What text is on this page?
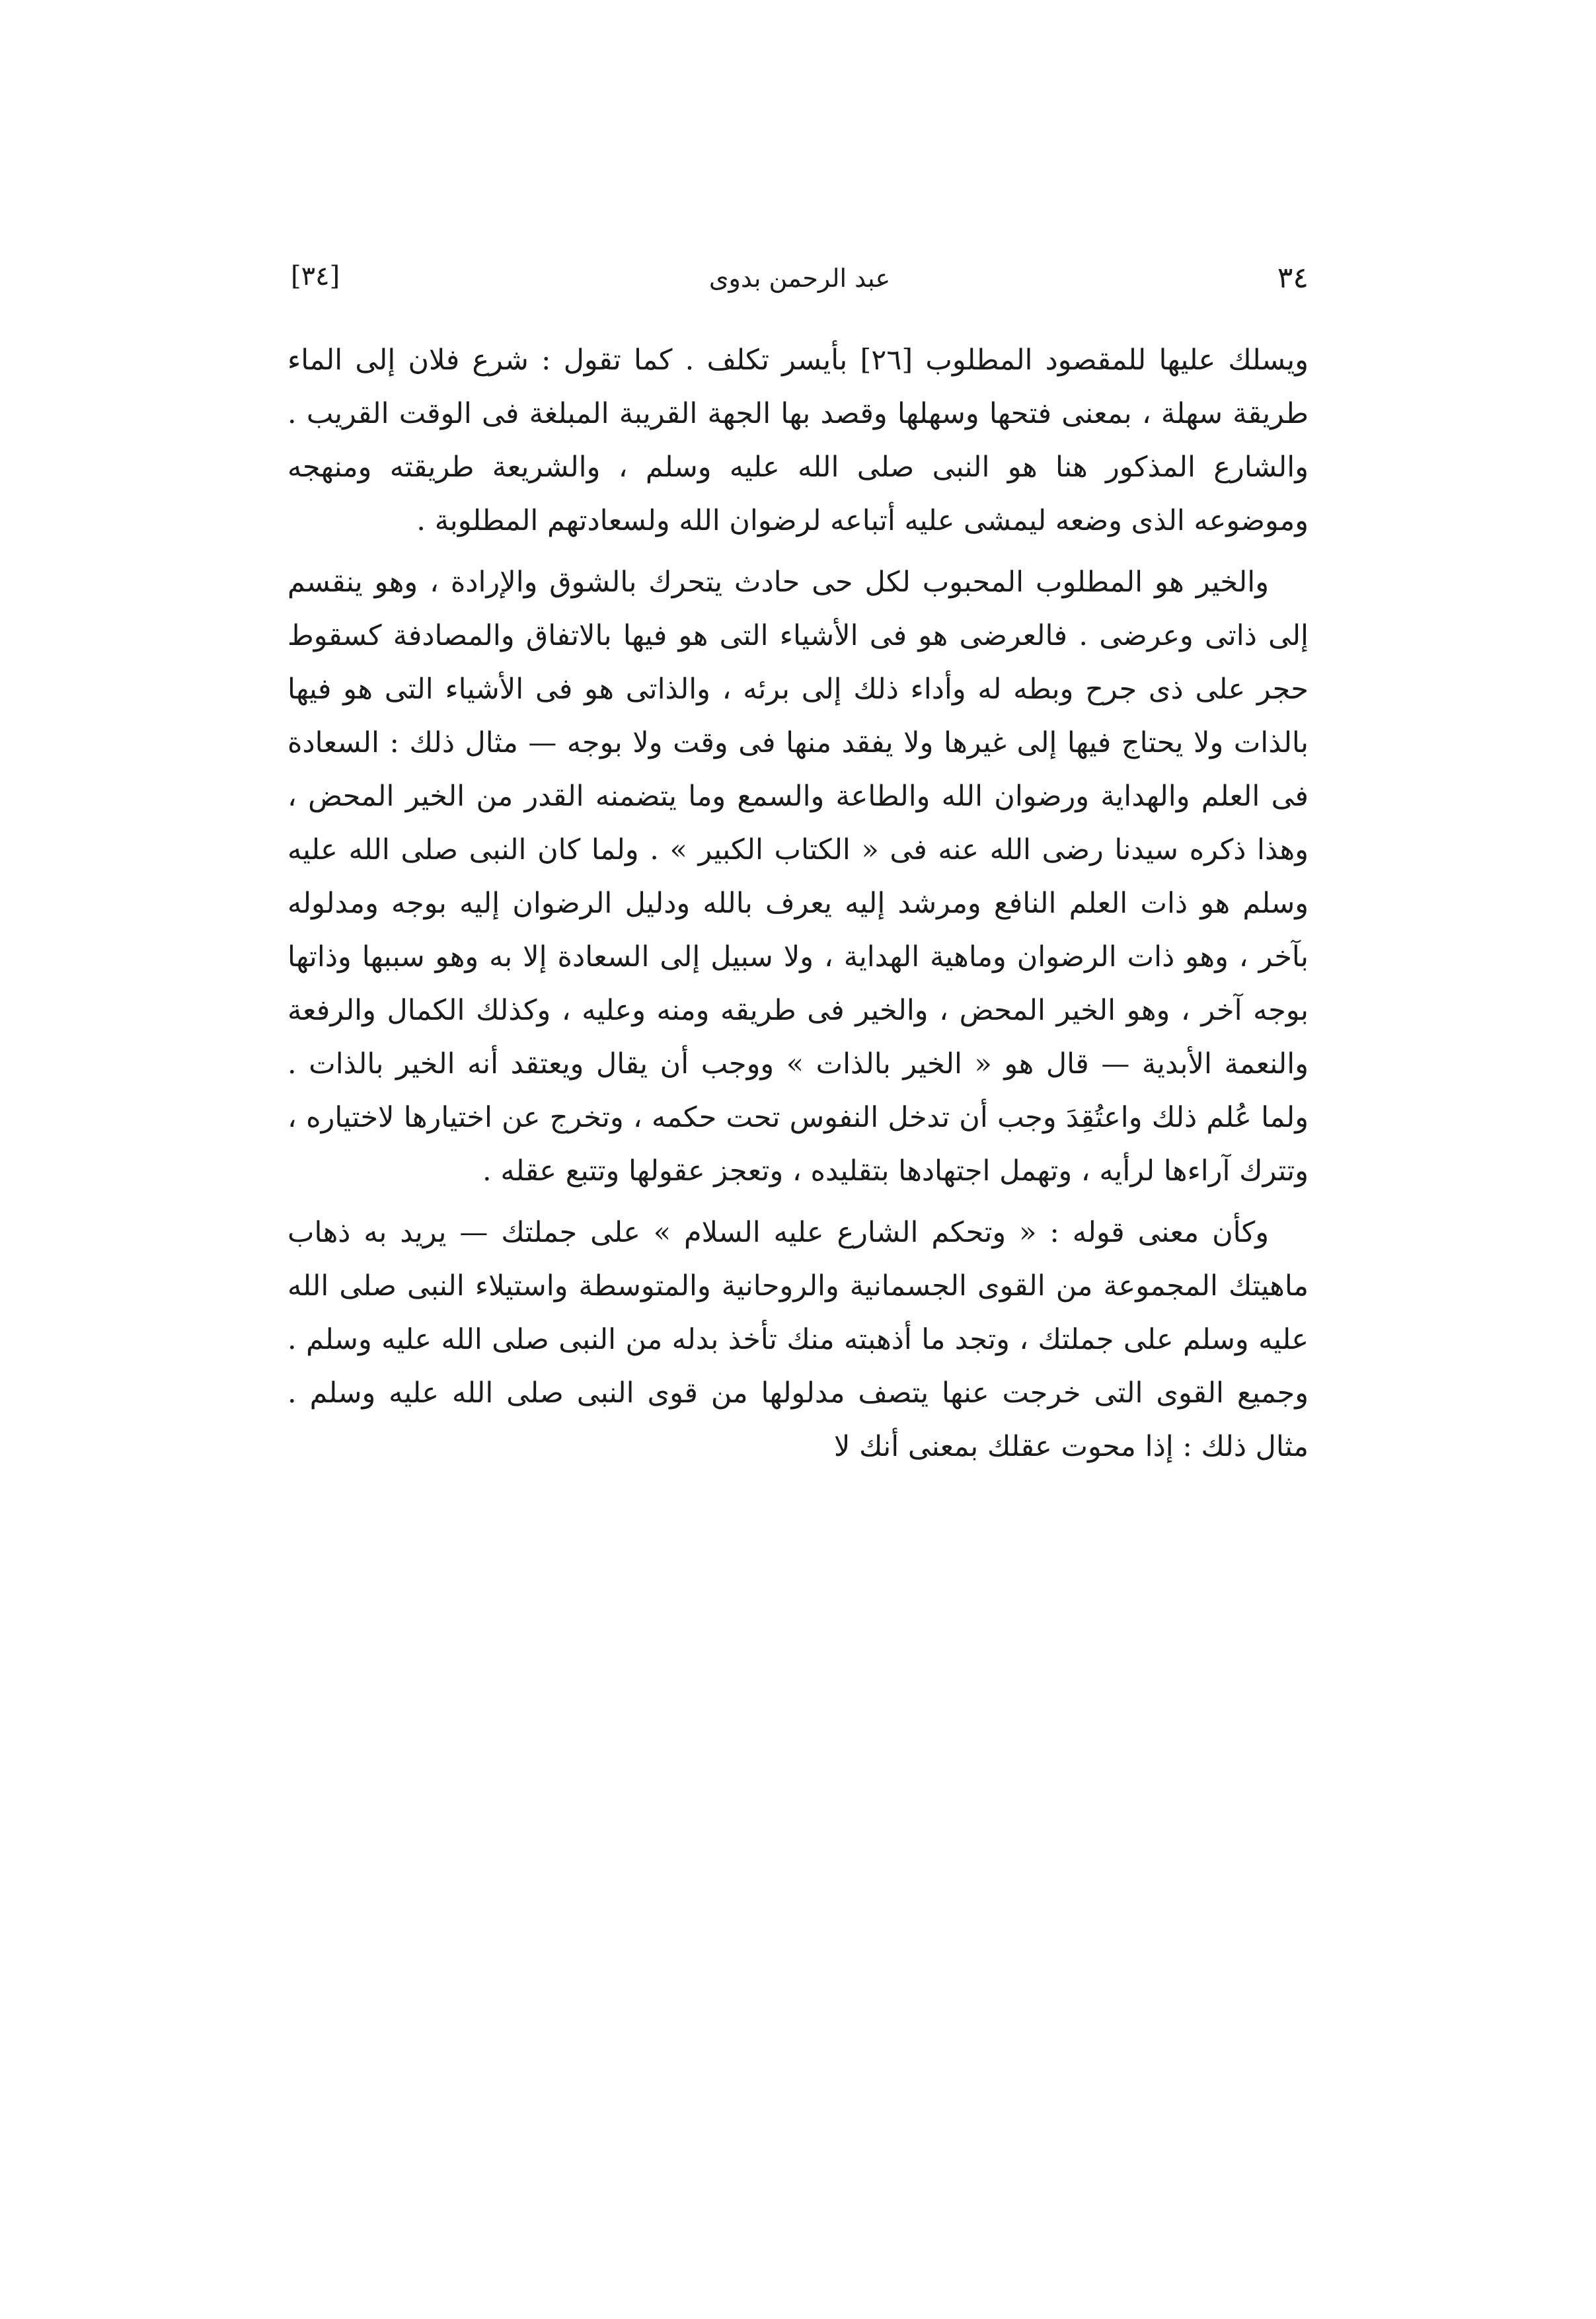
٣٤
عبد الرحمن بدوى
[٣٤]

ويسلك عليها للمقصود المطلوب [٢٦] بأيسر تكلف . كما تقول : شرع فلان إلى الماء طريقة سهلة ، بمعنى فتحها وسهلها وقصد بها الجهة القريبة المبلغة فى الوقت القريب . والشارع المذكور هنا هو النبى صلى الله عليه وسلم ، والشريعة طريقته ومنهجه وموضوعه الذى وضعه ليمشى عليه أتباعه لرضوان الله ولسعادتهم المطلوبة .

والخير هو المطلوب المحبوب لكل حى حادث يتحرك بالشوق والإرادة ، وهو ينقسم إلى ذاتى وعرضى . فالعرضى هو فى الأشياء التى هو فيها بالاتفاق والمصادفة كسقوط حجر على ذى جرح وبطه له وأداء ذلك إلى برئه ، والذاتى هو فى الأشياء التى هو فيها بالذات ولا يحتاج فيها إلى غيرها ولا يفقد منها فى وقت ولا بوجه — مثال ذلك : السعادة فى العلم والهداية ورضوان الله والطاعة والسمع وما يتضمنه القدر من الخير المحض ، وهذا ذكره سيدنا رضى الله عنه فى « الكتاب الكبير » . ولما كان النبى صلى الله عليه وسلم هو ذات العلم النافع ومرشد إليه يعرف بالله ودليل الرضوان إليه بوجه ومدلوله بآخر ، وهو ذات الرضوان وماهية الهداية ، ولا سبيل إلى السعادة إلا به وهو سببها وذاتها بوجه آخر ، وهو الخير المحض ، والخير فى طريقه ومنه وعليه ، وكذلك الكمال والرفعة والنعمة الأبدية — قال هو « الخير بالذات » ووجب أن يقال ويعتقد أنه الخير بالذات . ولما عُلم ذلك واعتُقِدَ وجب أن تدخل النفوس تحت حكمه ، وتخرج عن اختيارها لاختياره ، وتترك آراءها لرأيه ، وتهمل اجتهادها بتقليده ، وتعجز عقولها وتتبع عقله .

وكأن معنى قوله : « وتحكم الشارع عليه السلام » على جملتك — يريد به ذهاب ماهيتك المجموعة من القوى الجسمانية والروحانية والمتوسطة واستيلاء النبى صلى الله عليه وسلم على جملتك ، وتجد ما أذهبته منك تأخذ بدله من النبى صلى الله عليه وسلم . وجميع القوى التى خرجت عنها يتصف مدلولها من قوى النبى صلى الله عليه وسلم . مثال ذلك : إذا محوت عقلك بمعنى أنك لا
